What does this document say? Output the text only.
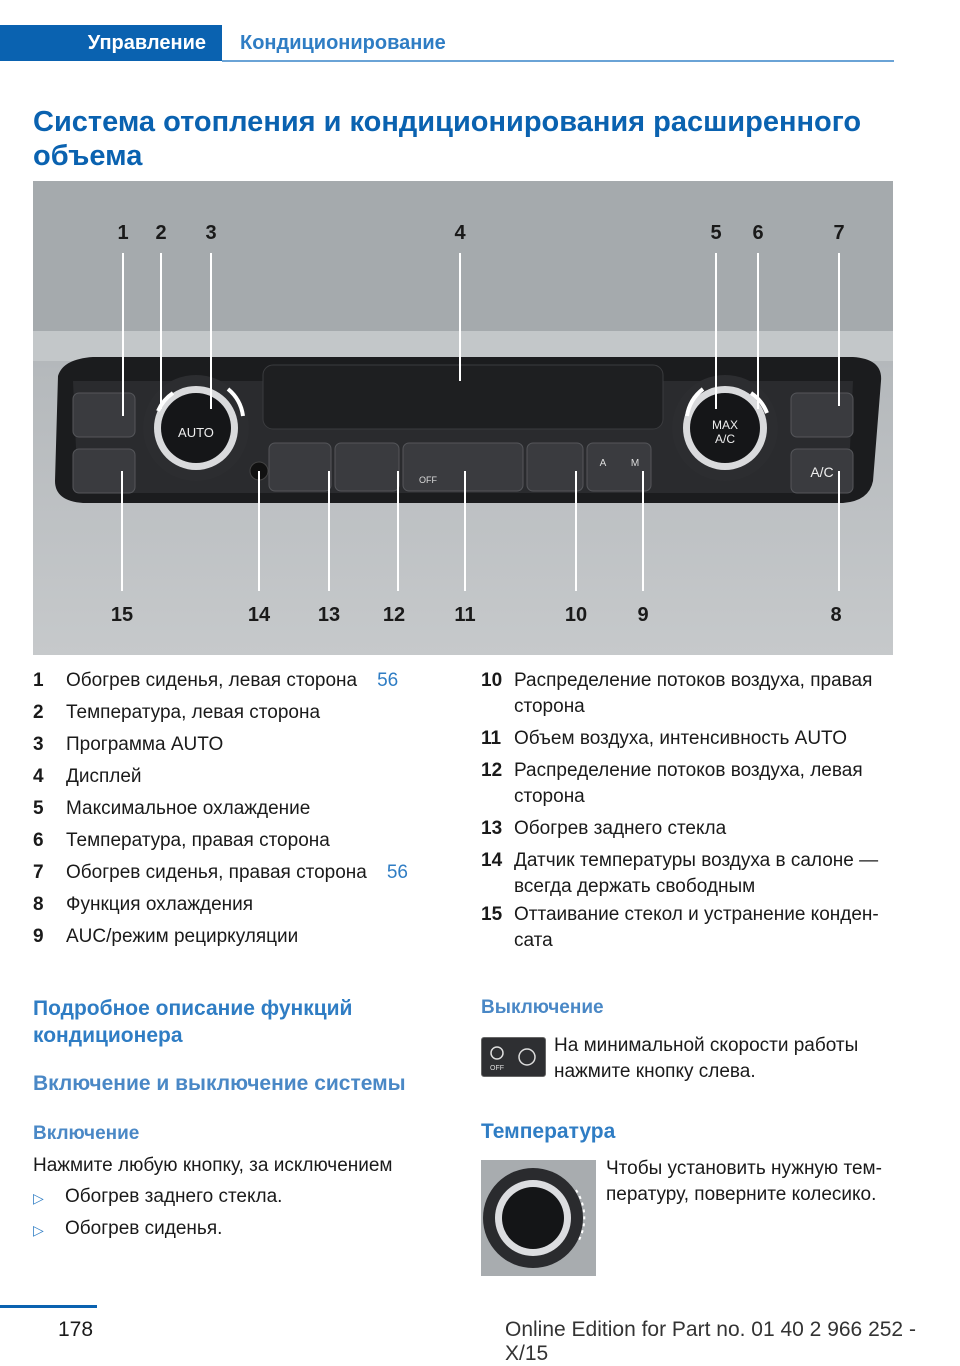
Управление	Кондиционирование
Система отопления и кондиционирования расширенного объема
AUTO	MAX
A/C
A/C
OFF
A M
1 2 3	4	5 6	7
8
9
10
11
12
13
14
15
1	Обогрев сиденья, левая сторона 56
2	Температура, левая сторона
3	Программа AUTO
4	Дисплей
5	Максимальное охлаждение
6	Температура, правая сторона
7	Обогрев сиденья, правая сторона 56
8	Функция охлаждения
9	AUC/режим рециркуляции
10 Распределение потоков воздуха, правая
сторона
11 Объем воздуха, интенсивность AUTO
12 Распределение потоков воздуха, левая
сторона
13 Обогрев заднего стекла
14 Датчик температуры воздуха в салоне —
всегда держать свободным
15 Оттаивание стекол и устранение конден‐
сата
Подробное описание функций
кондиционера
Включение и выключение системы
Включение
Нажмите любую кнопку, за исключением
▷ Обогрев заднего стекла.
▷ Обогрев сиденья.
Выключение
OFF
На минимальной скорости работы
нажмите кнопку слева.
Температура
Чтобы установить нужную тем‐
пературу, поверните колесико.
178	Online Edition for Part no. 01 40 2 966 252 - X/15
